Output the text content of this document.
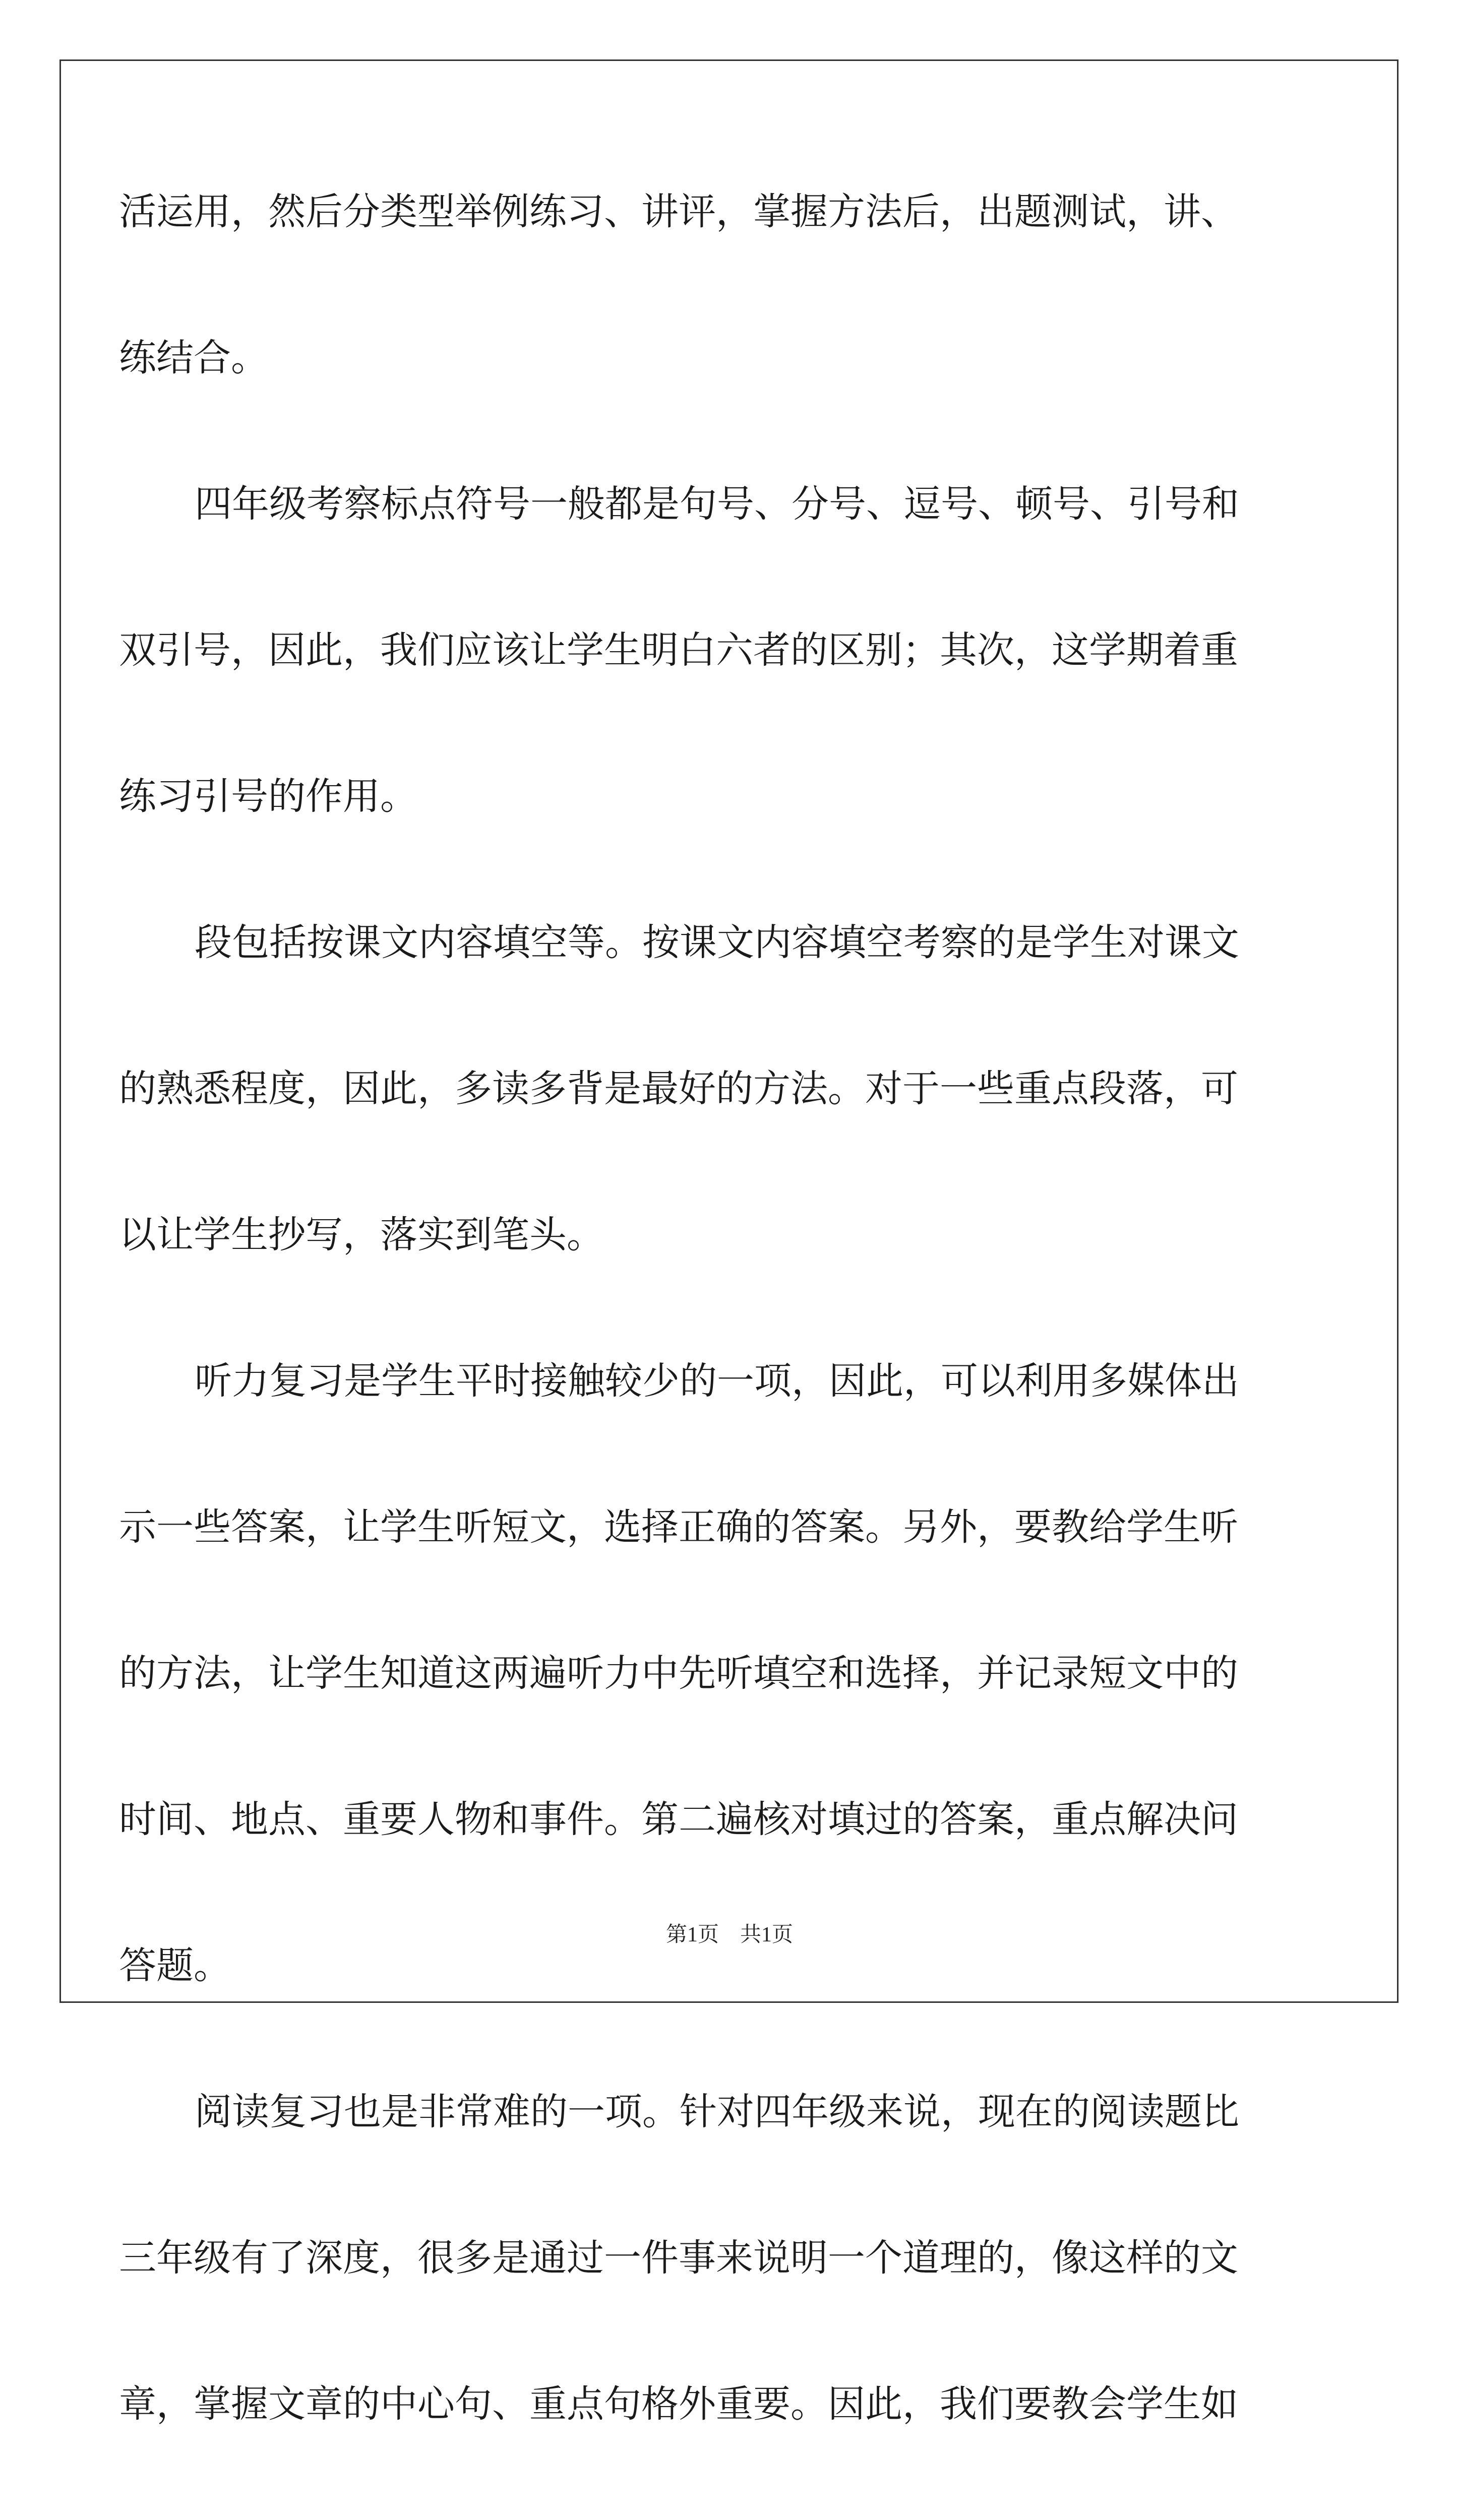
活运用，然后分类型举例练习、讲评，掌握方法后，出题测试，讲、
练结合。
四年级考察标点符号一般都是句号、分号、逗号、顿号、引号和
双引号，因此，我们应该让学生明白六者的区别；其次，这学期着重
练习引号的作用。
段包括按课文内容填空等。按课文内容填空考察的是学生对课文
的熟悉程度，因此，多读多背是最好的方法。对于一些重点段落，可
以让学生抄写，落实到笔头。
听力复习是学生平时接触较少的一项，因此，可以利用多媒体出
示一些答案，让学生听短文，选择正确的答案。另外，要教给学生听
的方法，让学生知道这两遍听力中先听填空和选择，并记录短文中的
时间、地点、重要人物和事件。第二遍核对填过的答案，重点解决问
答题。
阅读复习也是非常难的一项。针对四年级来说，现在的阅读题比
三年级有了深度，很多是通过一件事来说明一个道理的，像这样的文
章，掌握文章的中心句、重点句格外重要。因此，我们要教会学生如
第1页　共1页
